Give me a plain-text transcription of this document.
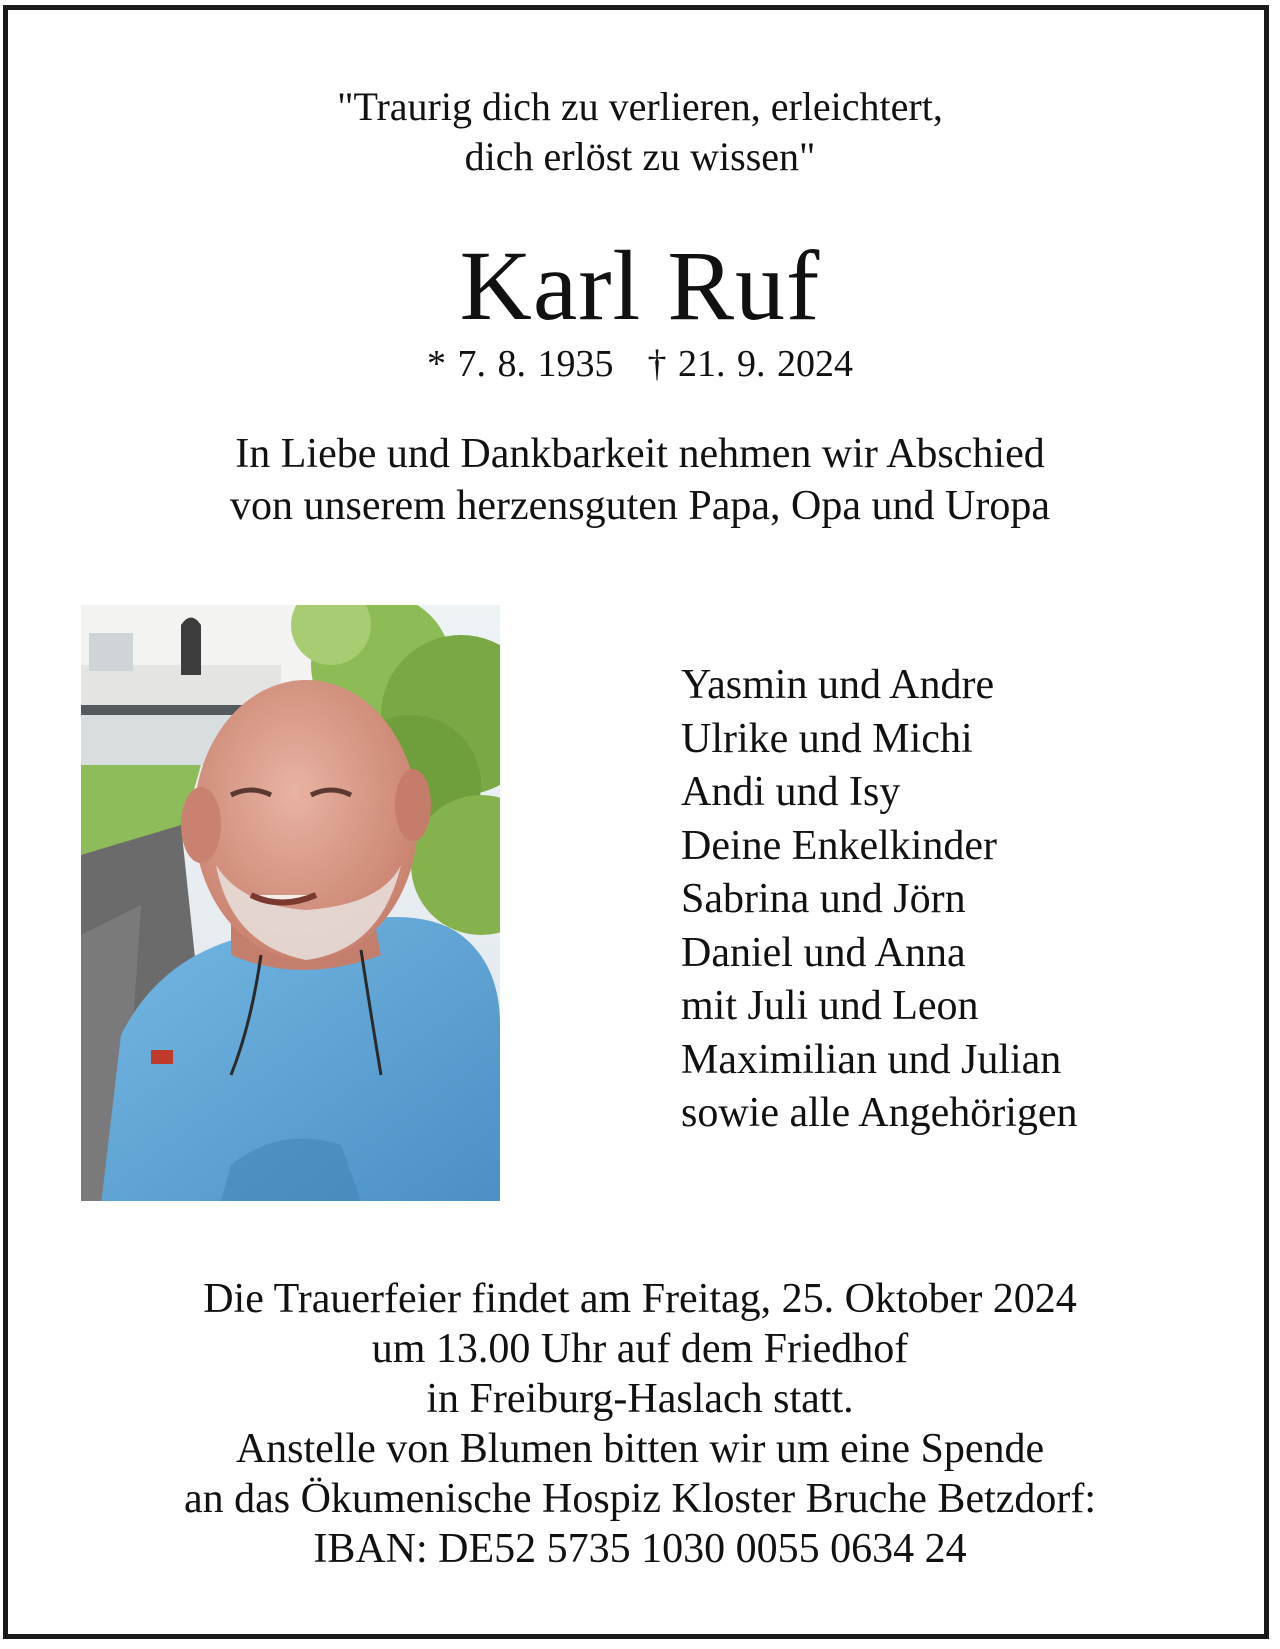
"Traurig dich zu verlieren, erleichtert,
dich erlöst zu wissen"
Karl Ruf
* 7. 8. 1935 † 21. 9. 2024
In Liebe und Dankbarkeit nehmen wir Abschied
von unserem herzensguten Papa, Opa und Uropa
Yasmin und Andre
Ulrike und Michi
Andi und Isy
Deine Enkelkinder
Sabrina und Jörn
Daniel und Anna
mit Juli und Leon
Maximilian und Julian
sowie alle Angehörigen
Die Trauerfeier findet am Freitag, 25. Oktober 2024
um 13.00 Uhr auf dem Friedhof
in Freiburg-Haslach statt.
Anstelle von Blumen bitten wir um eine Spende
an das Ökumenische Hospiz Kloster Bruche Betzdorf:
IBAN: DE52 5735 1030 0055 0634 24
